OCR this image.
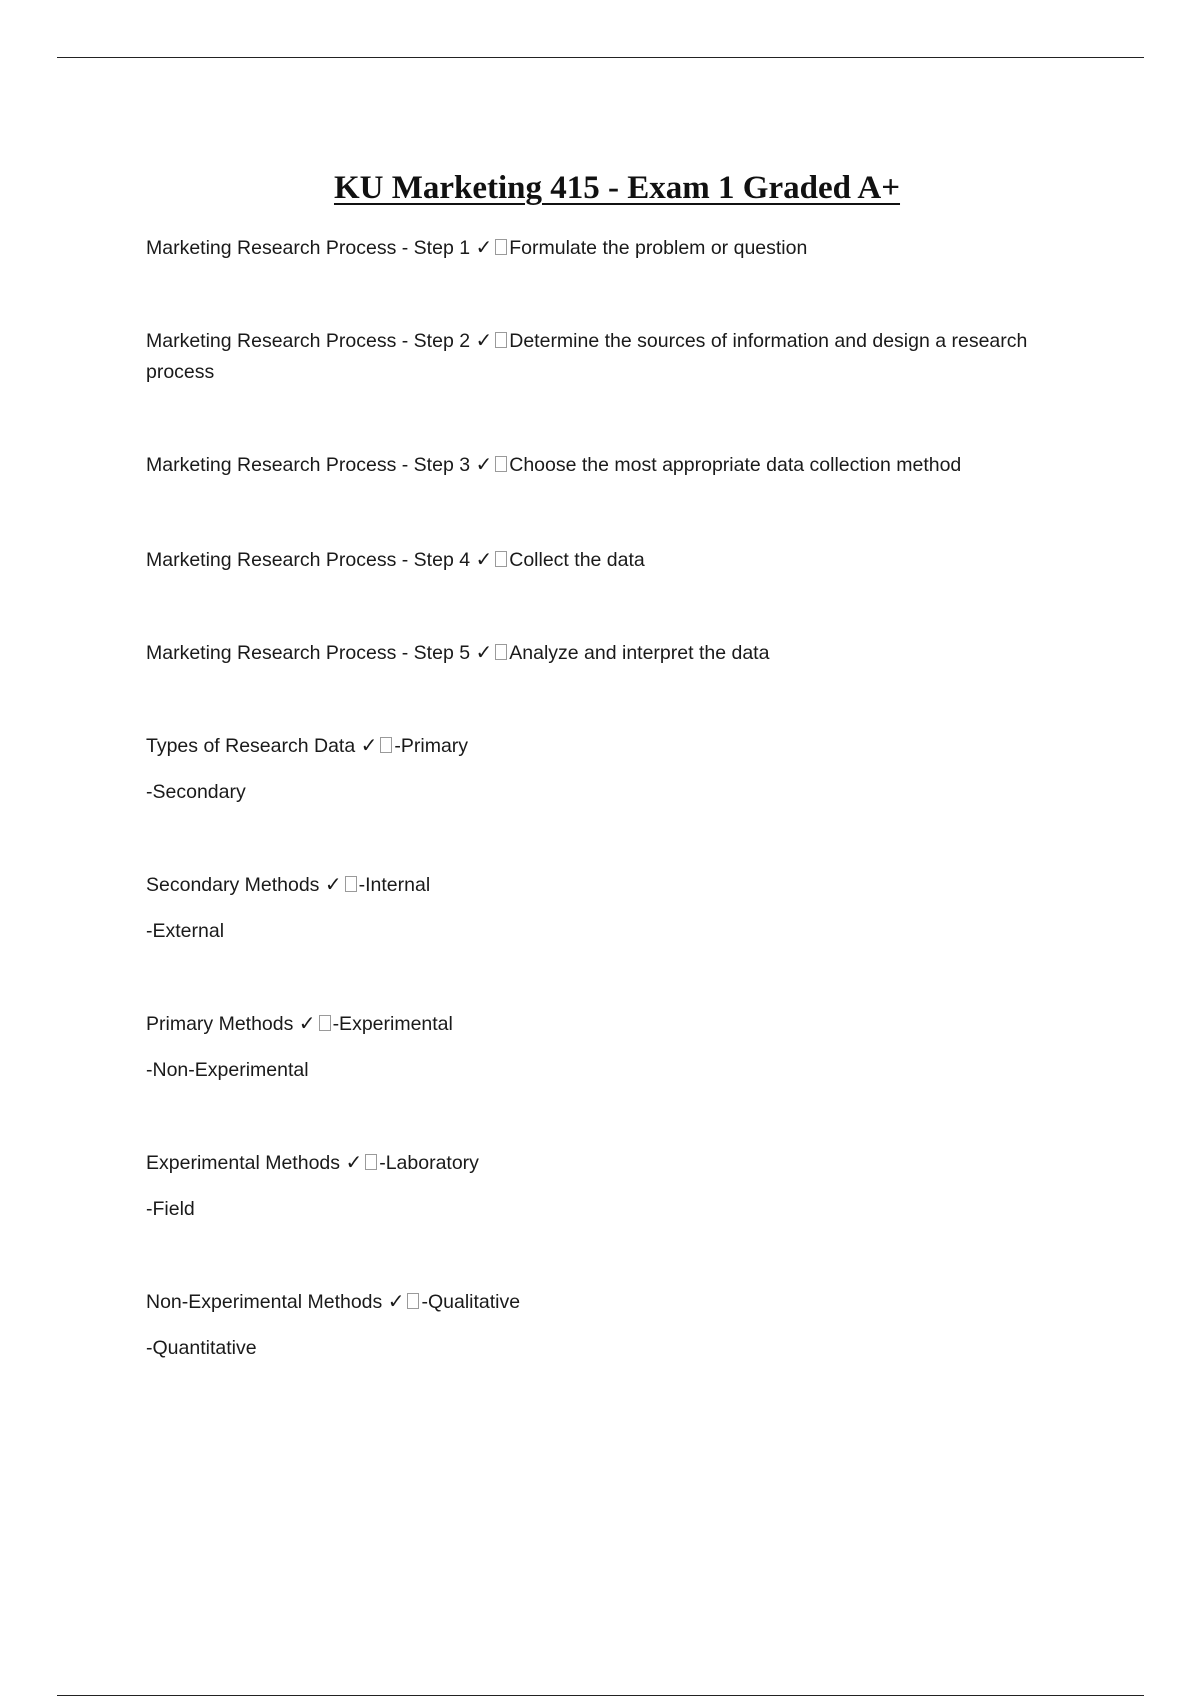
KU Marketing 415 - Exam 1 Graded A+

Marketing Research Process - Step 1 ✓ Formulate the problem or question

Marketing Research Process - Step 2 ✓ Determine the sources of information and design a research process

Marketing Research Process - Step 3 ✓ Choose the most appropriate data collection method

Marketing Research Process - Step 4 ✓ Collect the data

Marketing Research Process - Step 5 ✓ Analyze and interpret the data

Types of Research Data ✓ -Primary

-Secondary

Secondary Methods ✓ -Internal

-External

Primary Methods ✓ -Experimental

-Non-Experimental

Experimental Methods ✓ -Laboratory

-Field

Non-Experimental Methods ✓ -Qualitative

-Quantitative
